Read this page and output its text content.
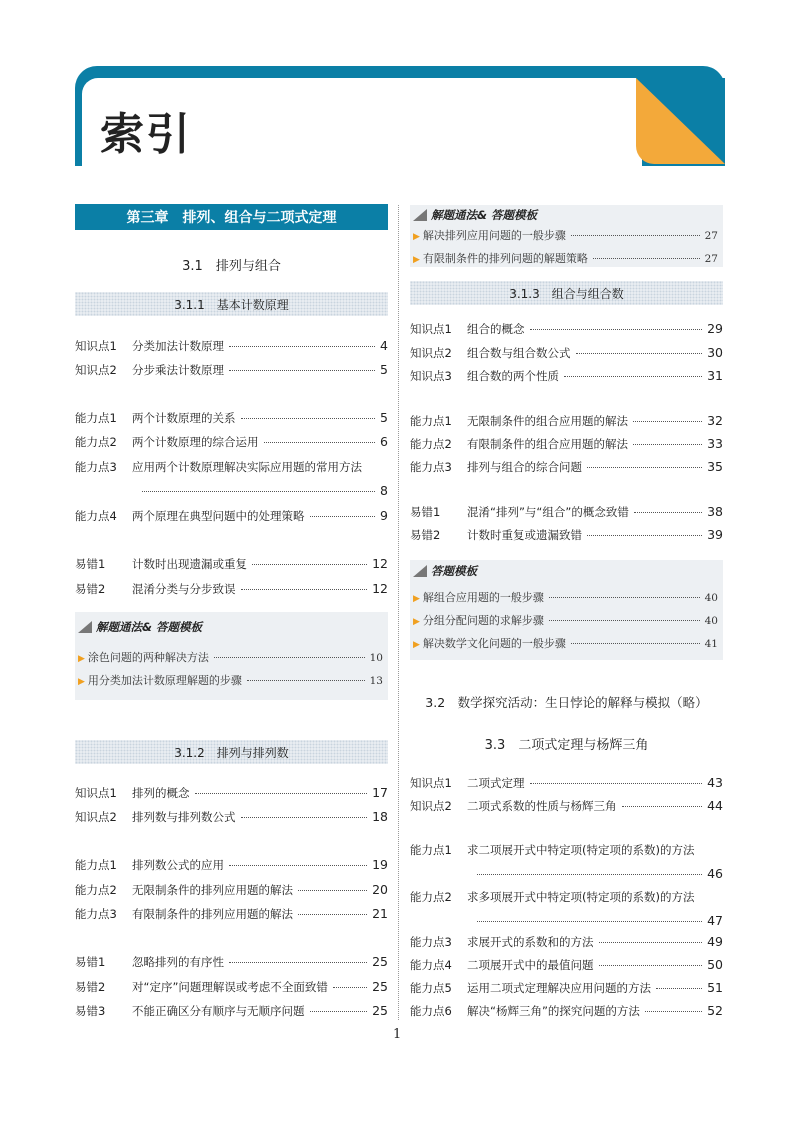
索引
第三章　排列、组合与二项式定理
3.1　排列与组合
3.1.1　基本计数原理
3.1.2　排列与排列数
3.1.3　组合与组合数
3.2　数学探究活动：生日悖论的解释与模拟（略）
3.3　二项式定理与杨辉三角
知识点1	分类加法计数原理	4
知识点2	分步乘法计数原理	5
能力点1	两个计数原理的关系	5
能力点2	两个计数原理的综合运用	6
能力点3	应用两个计数原理解决实际应用题的常用方法
8
能力点4	两个原理在典型问题中的处理策略	9
易错1	计数时出现遗漏或重复	12
易错2	混淆分类与分步致误	12
知识点1	排列的概念	17
知识点2	排列数与排列数公式	18
能力点1	排列数公式的应用	19
能力点2	无限制条件的排列应用题的解法	20
能力点3	有限制条件的排列应用题的解法	21
易错1	忽略排列的有序性	25
易错2	对“定序”问题理解误或考虑不全面致错	25
易错3	不能正确区分有顺序与无顺序问题	25
知识点1	组合的概念	29
知识点2	组合数与组合数公式	30
知识点3	组合数的两个性质	31
能力点1	无限制条件的组合应用题的解法	32
能力点2	有限制条件的组合应用题的解法	33
能力点3	排列与组合的综合问题	35
易错1	混淆“排列”与“组合”的概念致错	38
易错2	计数时重复或遗漏致错	39
知识点1	二项式定理	43
知识点2	二项式系数的性质与杨辉三角	44
能力点1	求二项展开式中特定项(特定项的系数)的方法
46
能力点2	求多项展开式中特定项(特定项的系数)的方法
47
能力点3	求展开式的系数和的方法	49
能力点4	二项展开式中的最值问题	50
能力点5	运用二项式定理解决应用问题的方法	51
能力点6	解决“杨辉三角”的探究问题的方法	52
解题通法& 答题模板
解题通法& 答题模板
答题模板
▶ 涂色问题的两种解决方法	10
▶ 用分类加法计数原理解题的步骤	13
▶ 解决排列应用问题的一般步骤	27
▶ 有限制条件的排列问题的解题策略	27
▶ 解组合应用题的一般步骤	40
▶ 分组分配问题的求解步骤	40
▶ 解决数学文化问题的一般步骤	41
1
